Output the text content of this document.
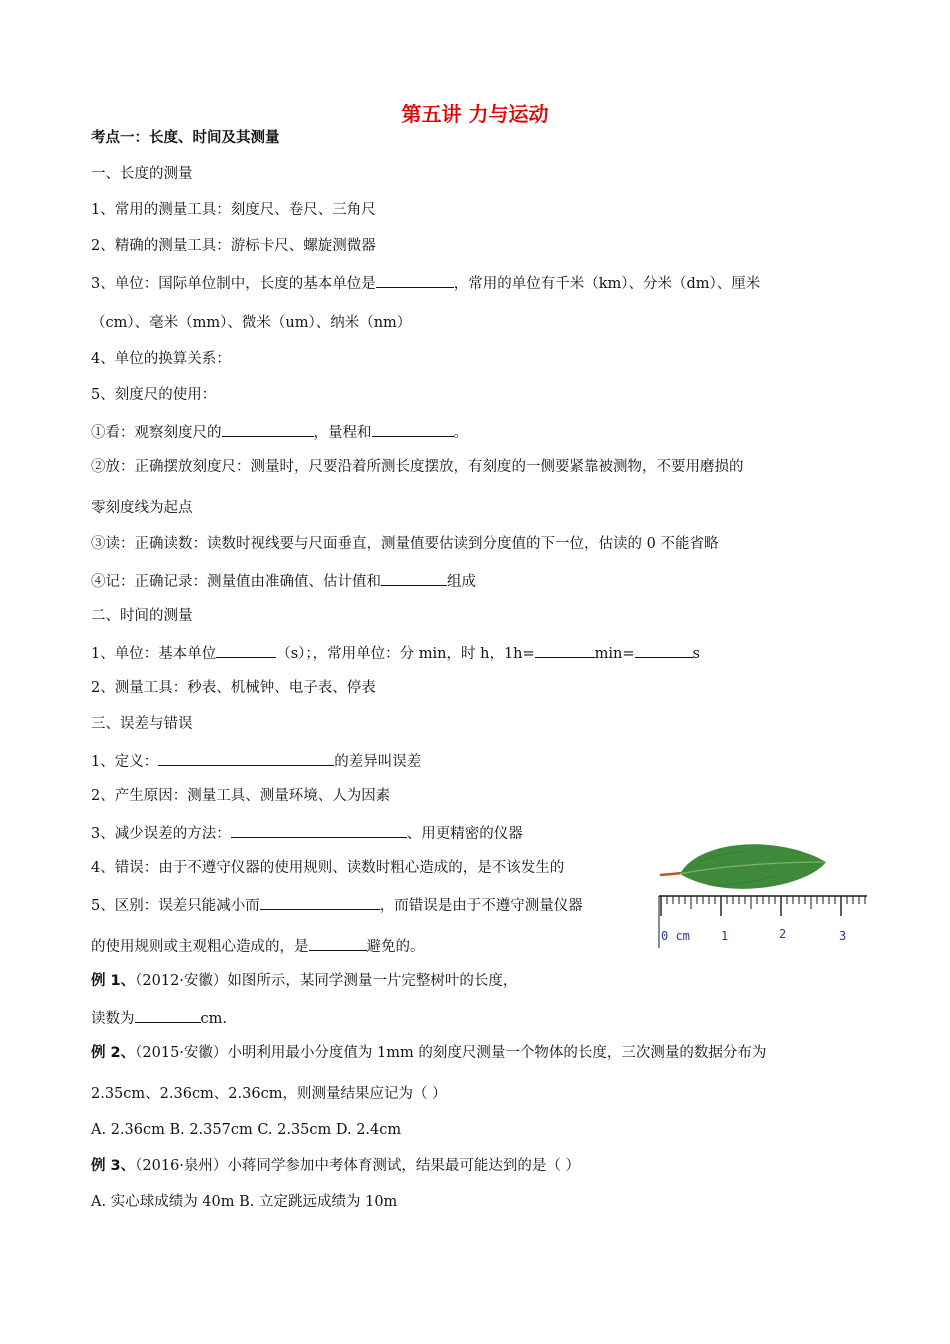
第五讲 力与运动
考点一：长度、时间及其测量
一、长度的测量
1、常用的测量工具：刻度尺、卷尺、三角尺
2、精确的测量工具：游标卡尺、螺旋测微器
3、单位：国际单位制中，长度的基本单位是	，常用的单位有千米（km）、分米（dm）、厘米
（cm）、毫米（mm）、微米（um）、纳米（nm）
4、单位的换算关系：
5、刻度尺的使用：
①看：观察刻度尺的	，量程和	。
②放：正确摆放刻度尺：测量时，尺要沿着所测长度摆放，有刻度的一侧要紧靠被测物，不要用磨损的
零刻度线为起点
③读：正确读数：读数时视线要与尺面垂直，测量值要估读到分度值的下一位，估读的 0 不能省略
④记：正确记录：测量值由准确值、估计值和	组成
二、时间的测量
1、单位：基本单位	（s）；，常用单位：分 min，时 h，1h=	min=	s
2、测量工具：秒表、机械钟、电子表、停表
三、误差与错误
1、定义：	的差异叫误差
2、产生原因：测量工具、测量环境、人为因素
3、减少误差的方法：	、用更精密的仪器
4、错误：由于不遵守仪器的使用规则、读数时粗心造成的，是不该发生的
5、区别：误差只能减小而	，而错误是由于不遵守测量仪器
的使用规则或主观粗心造成的，是	避免的。
例 1、（2012·安徽）如图所示，某同学测量一片完整树叶的长度，
读数为	cm.
例 2、（2015·安徽）小明利用最小分度值为 1mm 的刻度尺测量一个物体的长度，三次测量的数据分布为
2.35cm、2.36cm、2.36cm，则测量结果应记为（ ）
A. 2.36cm B. 2.357cm C. 2.35cm D. 2.4cm
例 3、（2016·泉州）小蒋同学参加中考体育测试，结果最可能达到的是（ ）
A. 实心球成绩为 40m B. 立定跳远成绩为 10m
0 cm	1	2	3
